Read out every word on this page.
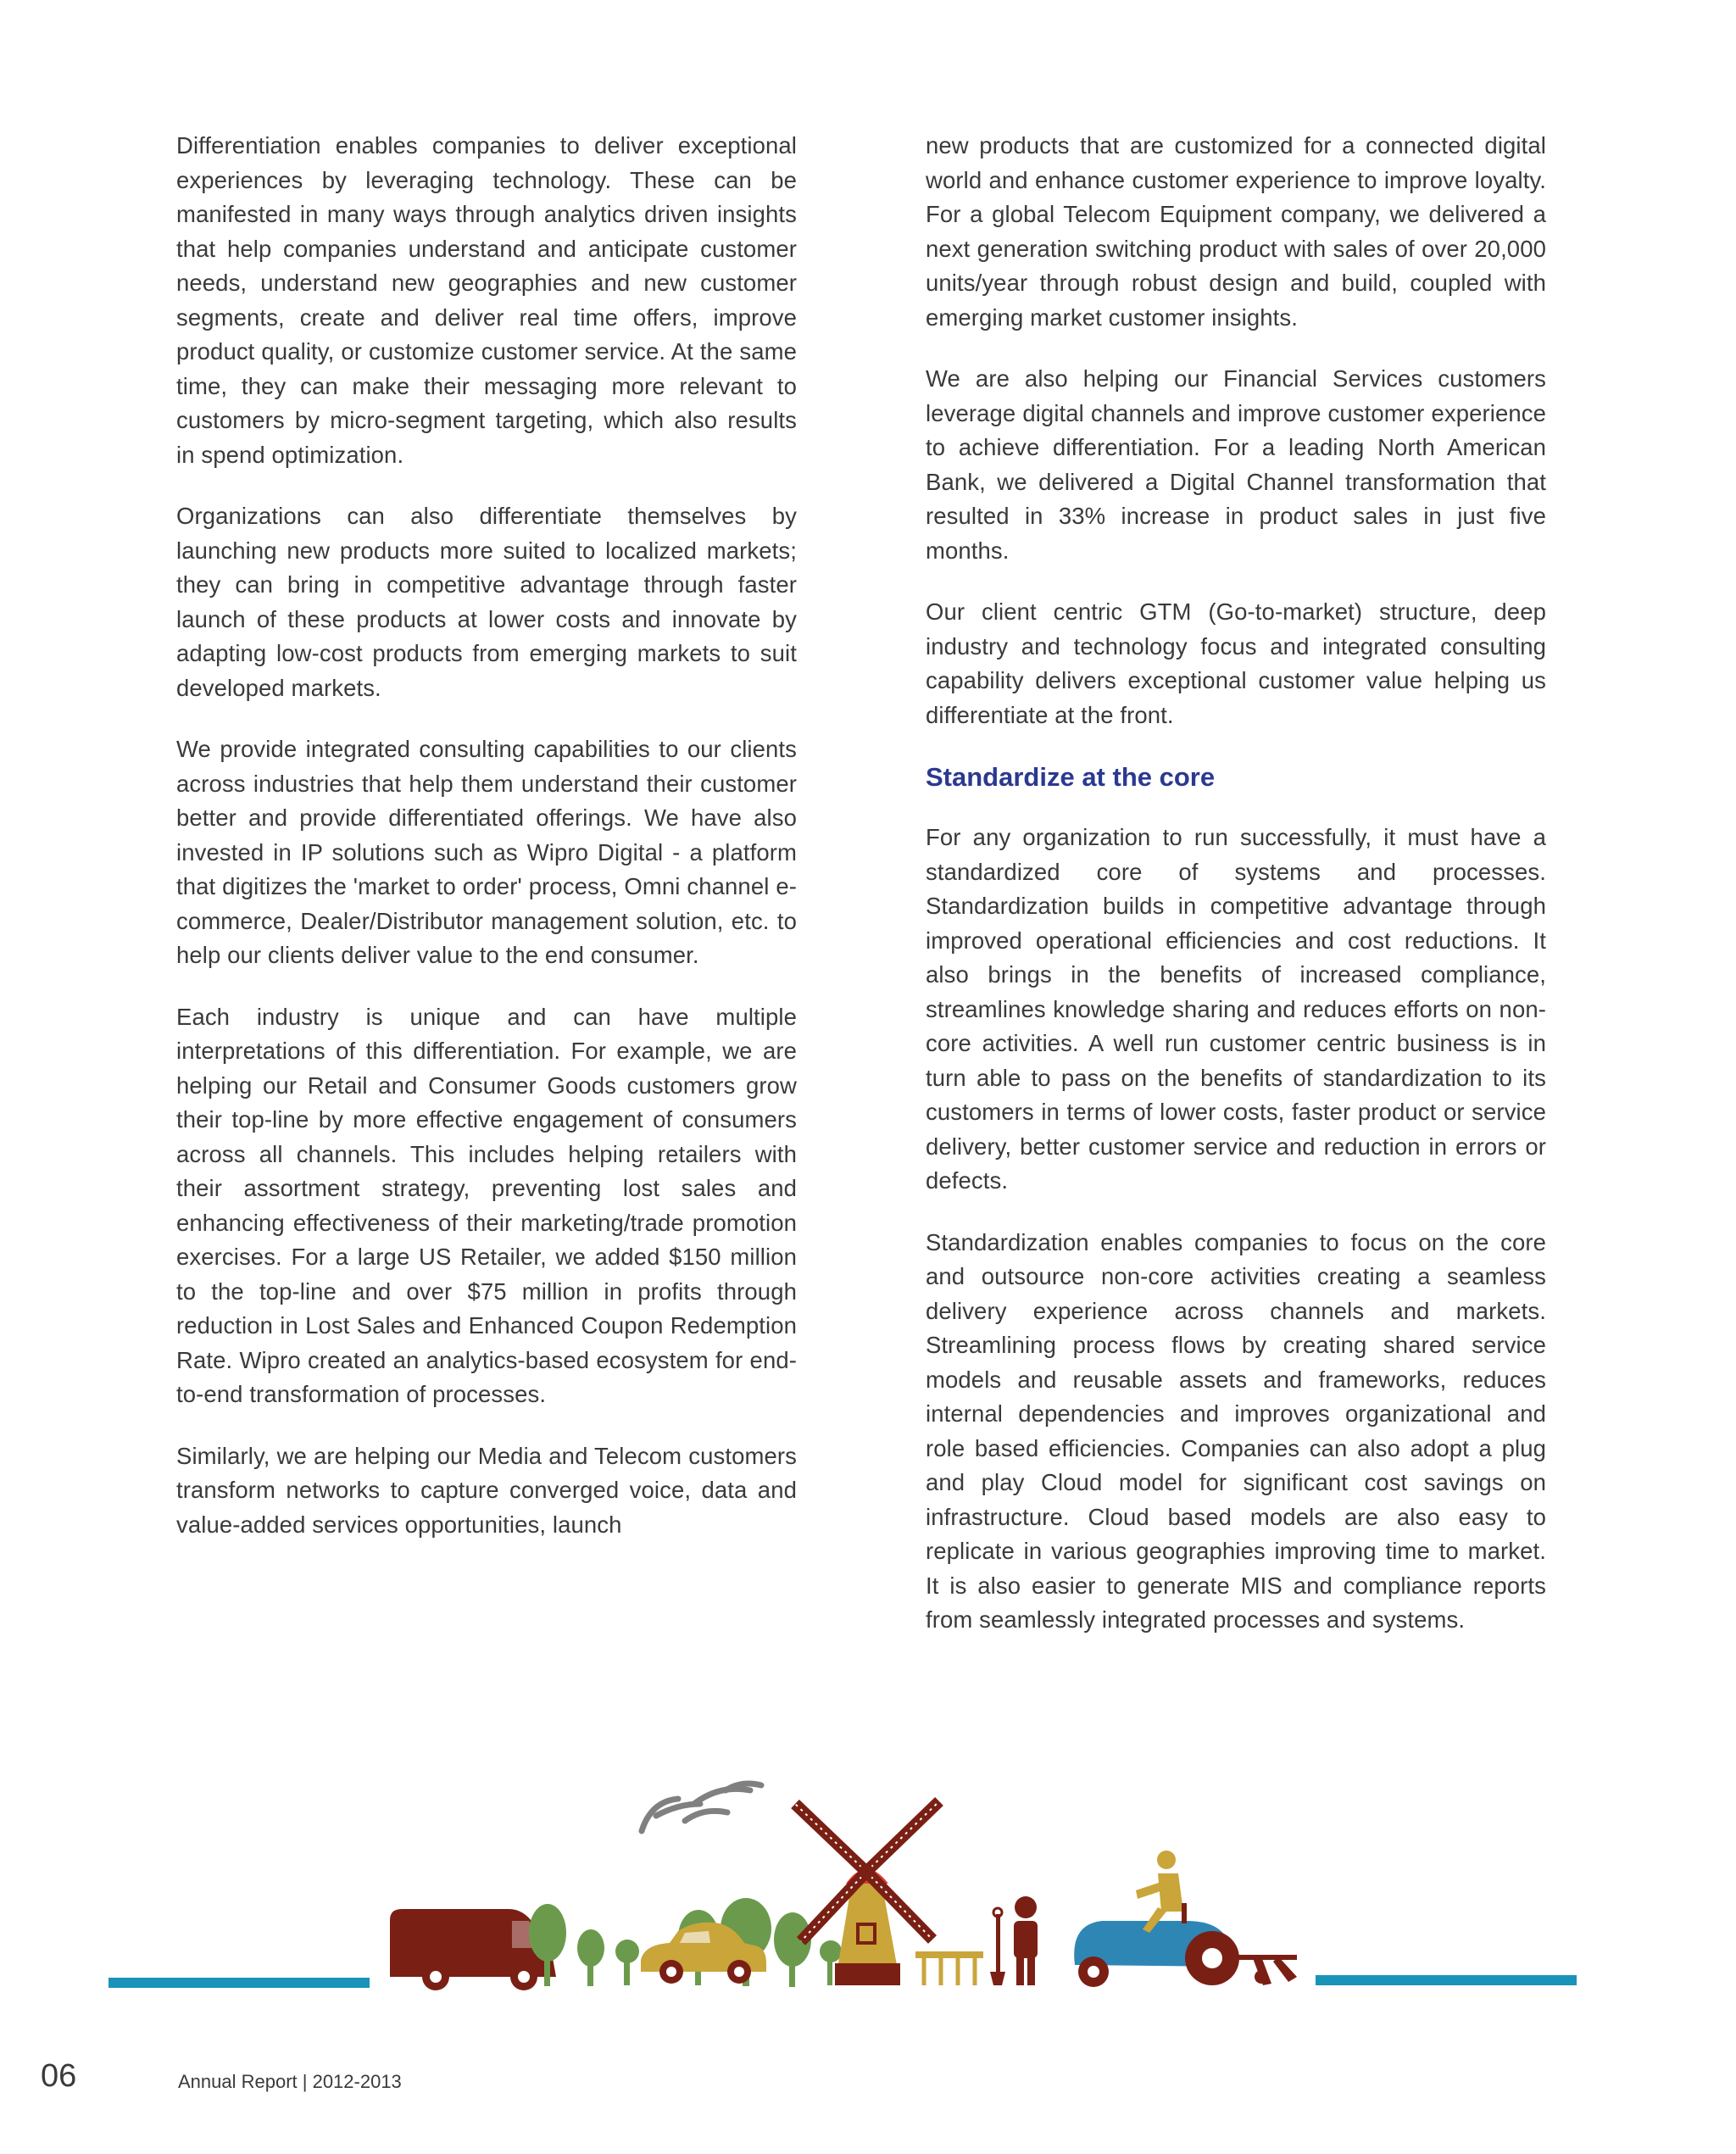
Differentiation enables companies to deliver exceptional experiences by leveraging technology. These can be manifested in many ways through analytics driven insights that help companies understand and anticipate customer needs, understand new geographies and new customer segments, create and deliver real time offers, improve product quality, or customize customer service. At the same time, they can make their messaging more relevant to customers by micro-segment targeting, which also results in spend optimization.

Organizations can also differentiate themselves by launching new products more suited to localized markets; they can bring in competitive advantage through faster launch of these products at lower costs and innovate by adapting low-cost products from emerging markets to suit developed markets.

We provide integrated consulting capabilities to our clients across industries that help them understand their customer better and provide differentiated offerings. We have also invested in IP solutions such as Wipro Digital - a platform that digitizes the 'market to order' process, Omni channel e-commerce, Dealer/Distributor management solution, etc. to help our clients deliver value to the end consumer.

Each industry is unique and can have multiple interpretations of this differentiation. For example, we are helping our Retail and Consumer Goods customers grow their top-line by more effective engagement of consumers across all channels. This includes helping retailers with their assortment strategy, preventing lost sales and enhancing effectiveness of their marketing/trade promotion exercises. For a large US Retailer, we added $150 million to the top-line and over $75 million in profits through reduction in Lost Sales and Enhanced Coupon Redemption Rate. Wipro created an analytics-based ecosystem for end-to-end transformation of processes.

Similarly, we are helping our Media and Telecom customers transform networks to capture converged voice, data and value-added services opportunities, launch

new products that are customized for a connected digital world and enhance customer experience to improve loyalty. For a global Telecom Equipment company, we delivered a next generation switching product with sales of over 20,000 units/year through robust design and build, coupled with emerging market customer insights.

We are also helping our Financial Services customers leverage digital channels and improve customer experience to achieve differentiation. For a leading North American Bank, we delivered a Digital Channel transformation that resulted in 33% increase in product sales in just five months.

Our client centric GTM (Go-to-market) structure, deep industry and technology focus and integrated consulting capability delivers exceptional customer value helping us differentiate at the front.

Standardize at the core

For any organization to run successfully, it must have a standardized core of systems and processes. Standardization builds in competitive advantage through improved operational efficiencies and cost reductions. It also brings in the benefits of increased compliance, streamlines knowledge sharing and reduces efforts on non-core activities. A well run customer centric business is in turn able to pass on the benefits of standardization to its customers in terms of lower costs, faster product or service delivery, better customer service and reduction in errors or defects.

Standardization enables companies to focus on the core and outsource non-core activities creating a seamless delivery experience across channels and markets. Streamlining process flows by creating shared service models and reusable assets and frameworks, reduces internal dependencies and improves organizational and role based efficiencies. Companies can also adopt a plug and play Cloud model for significant cost savings on infrastructure. Cloud based models are also easy to replicate in various geographies improving time to market. It is also easier to generate MIS and compliance reports from seamlessly integrated processes and systems.

06	Annual Report | 2012-2013
